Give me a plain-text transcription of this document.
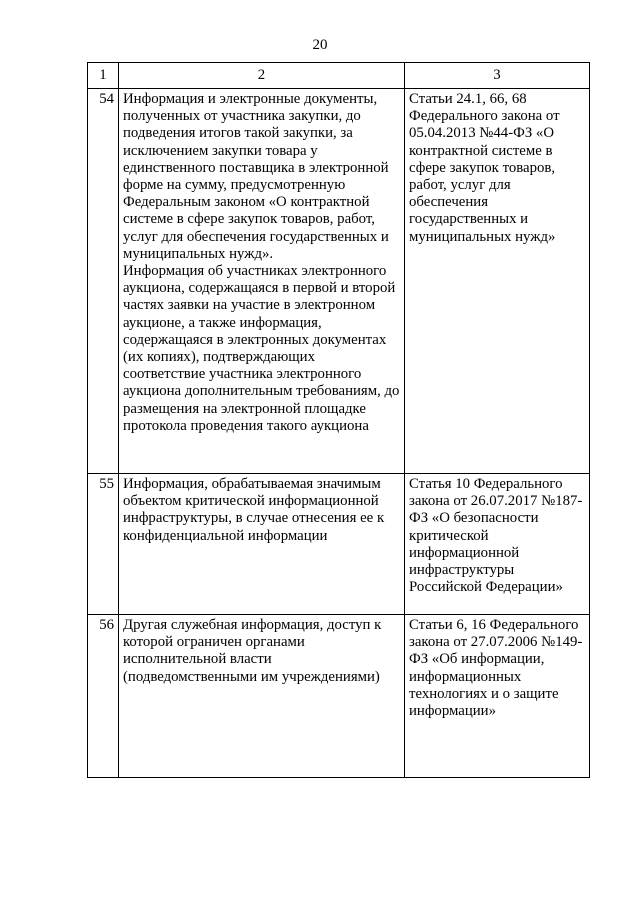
20
1	2	3
54	Информация и электронные документы, полученных от участника закупки, до подведения итогов такой закупки, за исключением закупки товара у единственного поставщика в электронной форме на сумму, предусмотренную Федеральным законом «О контрактной системе в сфере закупок товаров, работ, услуг для обеспечения государственных и муниципальных нужд».
Информация об участниках электронного аукциона, содержащаяся в первой и второй частях заявки на участие в электронном аукционе, а также информация, содержащаяся в электронных документах (их копиях), подтверждающих соответствие участника электронного аукциона дополнительным требованиям, до размещения на электронной площадке протокола проведения такого аукциона	Статьи 24.1, 66, 68 Федерального закона от 05.04.2013 №44-ФЗ «О контрактной системе в сфере закупок товаров, работ, услуг для обеспечения государственных и муниципальных нужд»
55	Информация, обрабатываемая значимым объектом критической информационной инфраструктуры, в случае отнесения ее к конфиденциальной информации	Статья 10 Федерального закона от 26.07.2017 №187-ФЗ «О безопасности критической информационной инфраструктуры Российской Федерации»
56	Другая служебная информация, доступ к которой ограничен органами исполнительной власти (подведомственными им учреждениями)	Статьи 6, 16 Федерального закона от 27.07.2006 №149-ФЗ «Об информации, информационных технологиях и о защите информации»
